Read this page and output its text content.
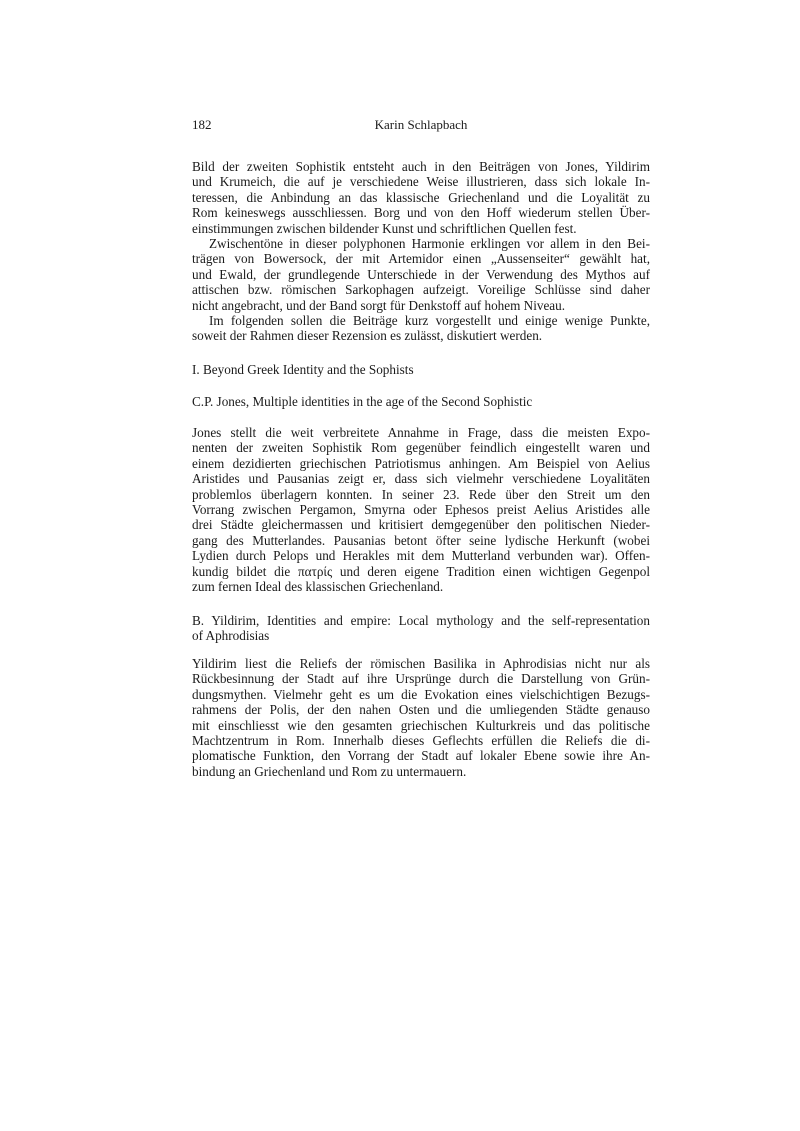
182	Karin Schlapbach
Bild der zweiten Sophistik entsteht auch in den Beiträgen von Jones, Yildirim
und Krumeich, die auf je verschiedene Weise illustrieren, dass sich lokale In-
teressen, die Anbindung an das klassische Griechenland und die Loyalität zu
Rom keineswegs ausschliessen. Borg und von den Hoff wiederum stellen Über-
einstimmungen zwischen bildender Kunst und schriftlichen Quellen fest.
Zwischentöne in dieser polyphonen Harmonie erklingen vor allem in den Bei-
trägen von Bowersock, der mit Artemidor einen „Aussenseiter“ gewählt hat,
und Ewald, der grundlegende Unterschiede in der Verwendung des Mythos auf
attischen bzw. römischen Sarkophagen aufzeigt. Voreilige Schlüsse sind daher
nicht angebracht, und der Band sorgt für Denkstoff auf hohem Niveau.
Im folgenden sollen die Beiträge kurz vorgestellt und einige wenige Punkte,
soweit der Rahmen dieser Rezension es zulässt, diskutiert werden.
I. Beyond Greek Identity and the Sophists
C.P. Jones, Multiple identities in the age of the Second Sophistic
Jones stellt die weit verbreitete Annahme in Frage, dass die meisten Expo-
nenten der zweiten Sophistik Rom gegenüber feindlich eingestellt waren und
einem dezidierten griechischen Patriotismus anhingen. Am Beispiel von Aelius
Aristides und Pausanias zeigt er, dass sich vielmehr verschiedene Loyalitäten
problemlos überlagern konnten. In seiner 23. Rede über den Streit um den
Vorrang zwischen Pergamon, Smyrna oder Ephesos preist Aelius Aristides alle
drei Städte gleichermassen und kritisiert demgegenüber den politischen Nieder-
gang des Mutterlandes. Pausanias betont öfter seine lydische Herkunft (wobei
Lydien durch Pelops und Herakles mit dem Mutterland verbunden war). Offen-
kundig bildet die πατρίς und deren eigene Tradition einen wichtigen Gegenpol
zum fernen Ideal des klassischen Griechenland.
B. Yildirim, Identities and empire: Local mythology and the self-representation
of Aphrodisias
Yildirim liest die Reliefs der römischen Basilika in Aphrodisias nicht nur als
Rückbesinnung der Stadt auf ihre Ursprünge durch die Darstellung von Grün-
dungsmythen. Vielmehr geht es um die Evokation eines vielschichtigen Bezugs-
rahmens der Polis, der den nahen Osten und die umliegenden Städte genauso
mit einschliesst wie den gesamten griechischen Kulturkreis und das politische
Machtzentrum in Rom. Innerhalb dieses Geflechts erfüllen die Reliefs die di-
plomatische Funktion, den Vorrang der Stadt auf lokaler Ebene sowie ihre An-
bindung an Griechenland und Rom zu untermauern.
